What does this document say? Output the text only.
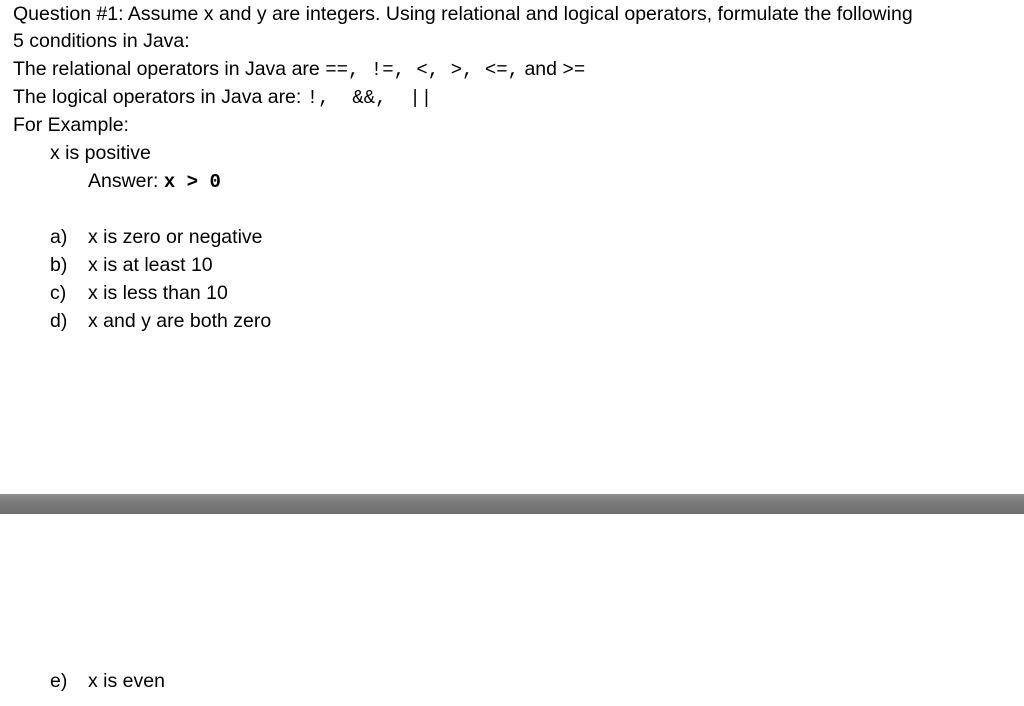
Question #1: Assume x and y are integers. Using relational and logical operators, formulate the following
5 conditions in Java:
The relational operators in Java are ==, !=, <, >, <=, and >=
The logical operators in Java are: !,  &&,  ||
For Example:
x is positive
Answer: x > 0
a) x is zero or negative
b) x is at least 10
c) x is less than 10
d) x and y are both zero
e) x is even
